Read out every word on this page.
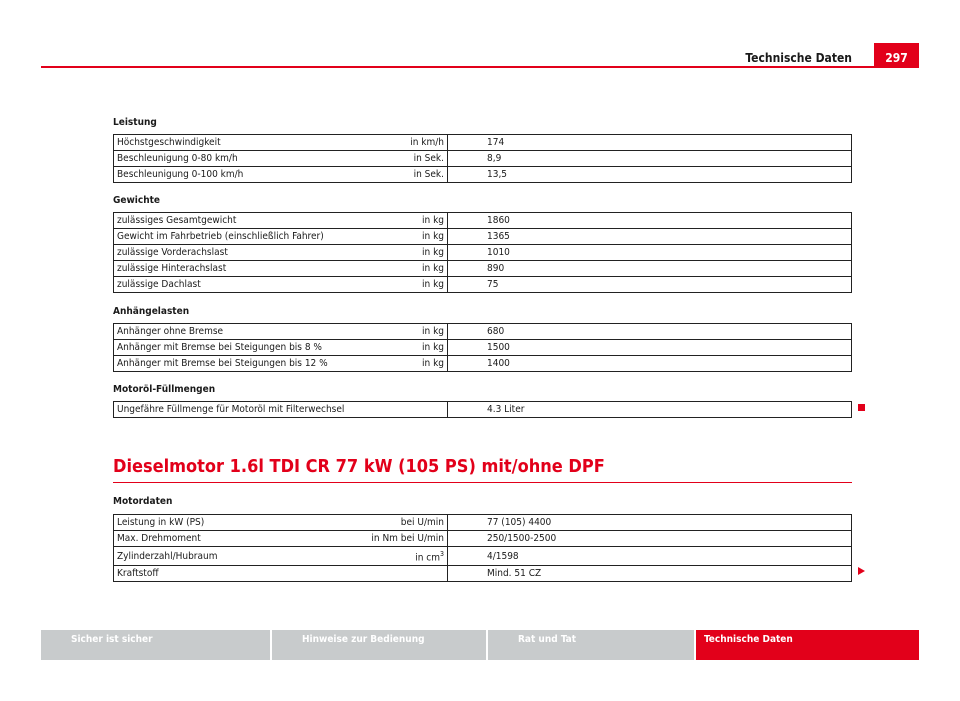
Technische Daten	297
Leistung
Höchstgeschwindigkeit	in km/h	174
Beschleunigung 0-80 km/h	in Sek.	8,9
Beschleunigung 0-100 km/h	in Sek.	13,5
Gewichte
zulässiges Gesamtgewicht	in kg	1860
Gewicht im Fahrbetrieb (einschließlich Fahrer)	in kg	1365
zulässige Vorderachslast	in kg	1010
zulässige Hinterachslast	in kg	890
zulässige Dachlast	in kg	75
Anhängelasten
Anhänger ohne Bremse	in kg	680
Anhänger mit Bremse bei Steigungen bis 8 %	in kg	1500
Anhänger mit Bremse bei Steigungen bis 12 %	in kg	1400
Motoröl-Füllmengen
Ungefähre Füllmenge für Motoröl mit Filterwechsel		4.3 Liter
Dieselmotor 1.6l TDI CR 77 kW (105 PS) mit/ohne DPF
Motordaten
Leistung in kW (PS)	bei U/min	77 (105) 4400
Max. Drehmoment	in Nm bei U/min	250/1500-2500
Zylinderzahl/Hubraum	in $cm^3$	4/1598
Kraftstoff		Mind. 51 CZ
Sicher ist sicher	Hinweise zur Bedienung	Rat und Tat	Technische Daten
